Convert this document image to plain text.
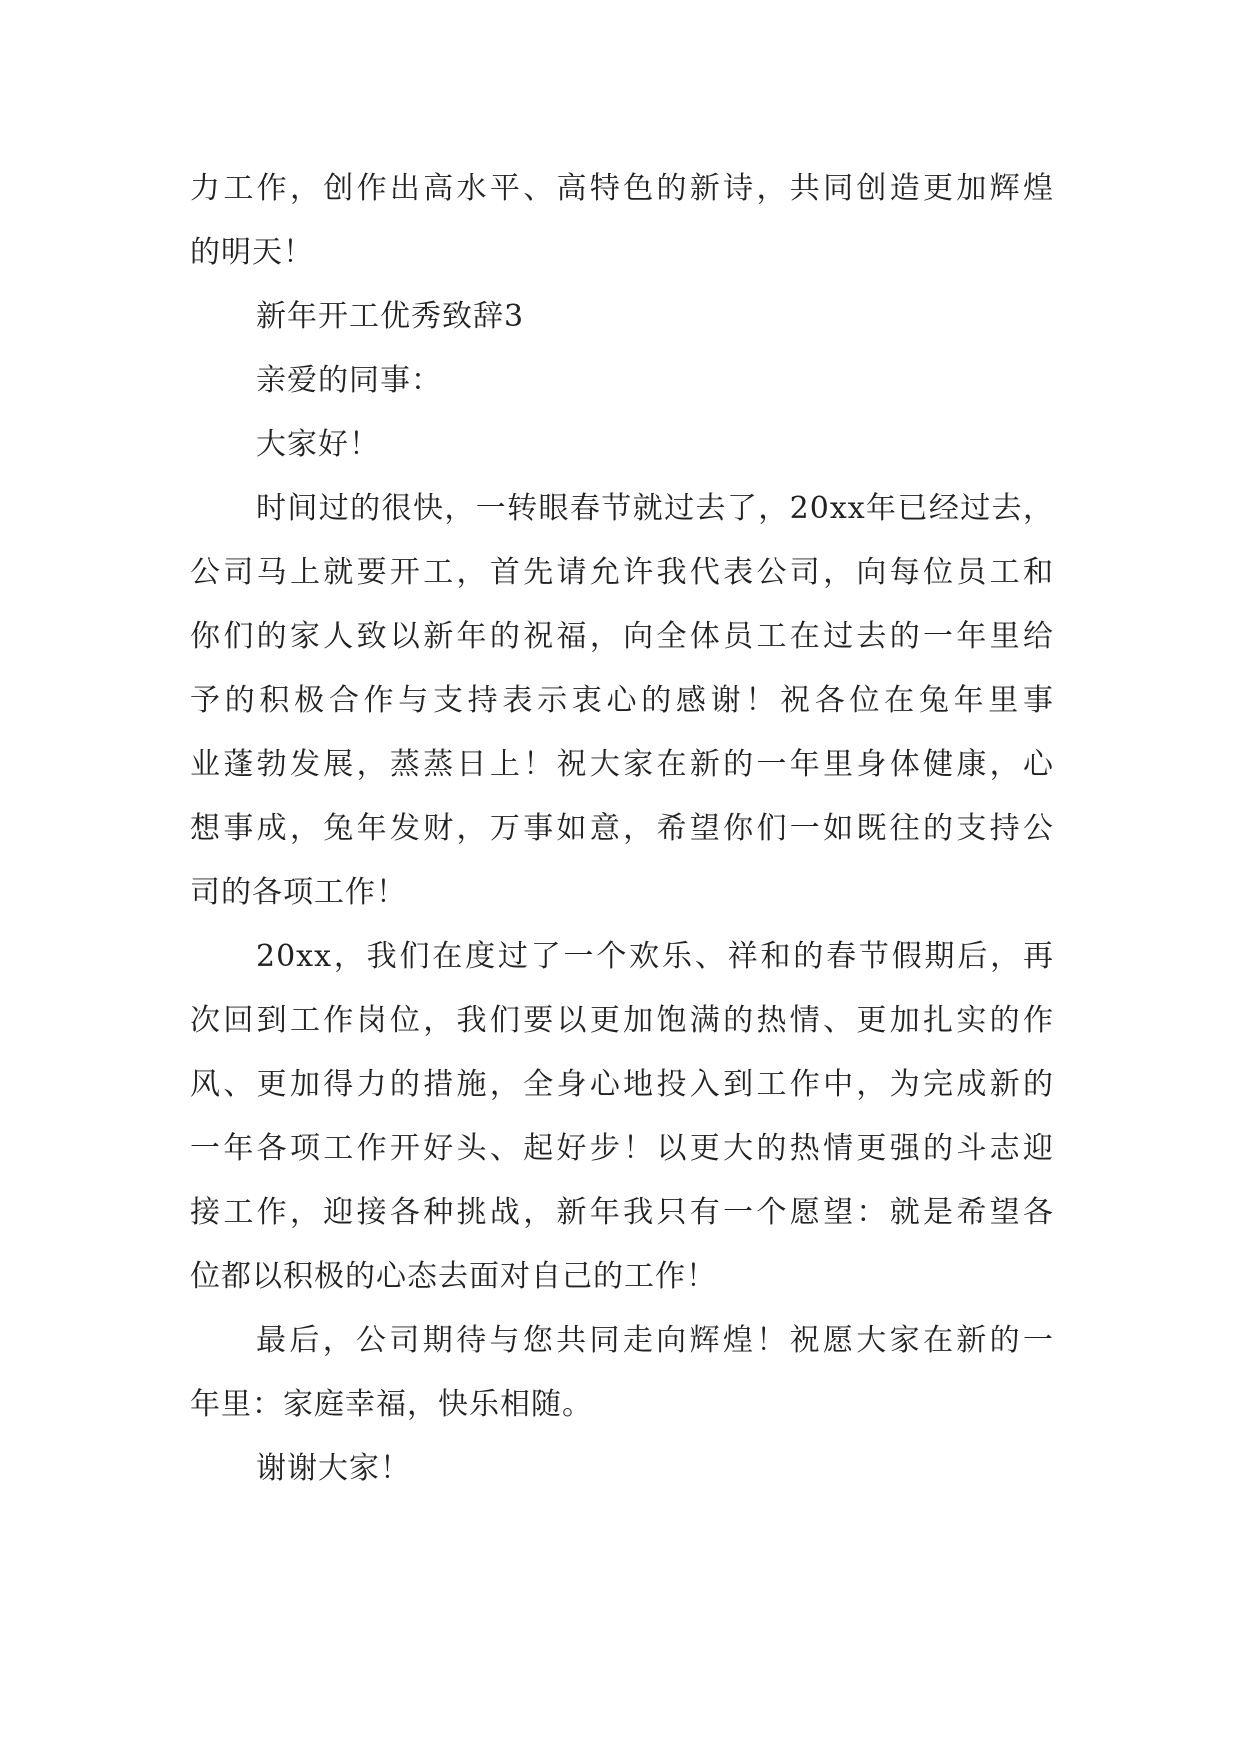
力工作，创作出高水平、高特色的新诗，共同创造更加辉煌
的明天！
新年开工优秀致辞3
亲爱的同事：
大家好！
时间过的很快，一转眼春节就过去了，20xx年已经过去，
公司马上就要开工，首先请允许我代表公司，向每位员工和
你们的家人致以新年的祝福，向全体员工在过去的一年里给
予的积极合作与支持表示衷心的感谢！祝各位在兔年里事
业蓬勃发展，蒸蒸日上！祝大家在新的一年里身体健康，心
想事成，兔年发财，万事如意，希望你们一如既往的支持公
司的各项工作！
20xx，我们在度过了一个欢乐、祥和的春节假期后，再
次回到工作岗位，我们要以更加饱满的热情、更加扎实的作
风、更加得力的措施，全身心地投入到工作中，为完成新的
一年各项工作开好头、起好步！以更大的热情更强的斗志迎
接工作，迎接各种挑战，新年我只有一个愿望：就是希望各
位都以积极的心态去面对自己的工作！
最后，公司期待与您共同走向辉煌！祝愿大家在新的一
年里：家庭幸福，快乐相随。
谢谢大家！
